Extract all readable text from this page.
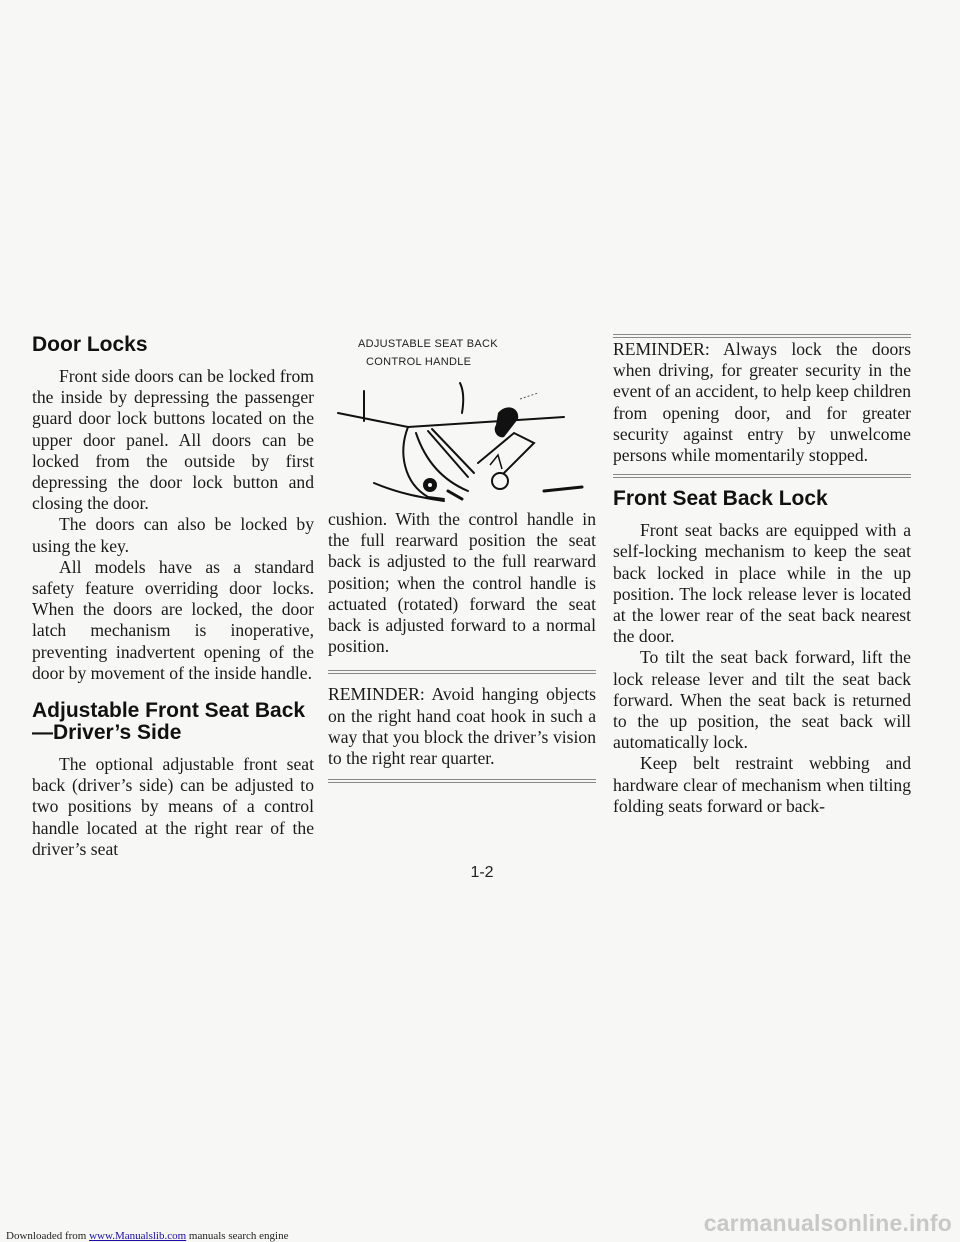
Door Locks

Front side doors can be locked from the inside by depressing the passenger guard door lock buttons located on the upper door panel. All doors can be locked from the outside by first depressing the door lock button and closing the door.

The doors can also be locked by using the key.

All models have as a standard safety feature overriding door locks. When the doors are locked, the door latch mechanism is inoperative, preventing inadvertent opening of the door by movement of the inside handle.

Adjustable Front Seat Back
—Driver’s Side

The optional adjustable front seat back (driver’s side) can be adjusted to two positions by means of a control handle located at the right rear of the driver’s seat

ADJUSTABLE SEAT BACK
CONTROL HANDLE

cushion. With the control handle in the full rearward position the seat back is adjusted to the full rearward position; when the control handle is actuated (rotated) forward the seat back is adjusted forward to a normal position.

REMINDER: Avoid hanging objects on the right hand coat hook in such a way that you block the driver’s vision to the right rear quarter.

REMINDER: Always lock the doors when driving, for greater security in the event of an accident, to help keep children from opening door, and for greater security against entry by unwelcome persons while momentarily stopped.

Front Seat Back Lock

Front seat backs are equipped with a self-locking mechanism to keep the seat back locked in place while in the up position. The lock release lever is located at the lower rear of the seat back nearest the door.

To tilt the seat back forward, lift the lock release lever and tilt the seat back forward. When the seat back is returned to the up position, the seat back will automatically lock.

Keep belt restraint webbing and hardware clear of mechanism when tilting folding seats forward or back-

1-2
Downloaded from www.Manualslib.com manuals search engine	carmanualsonline.info
